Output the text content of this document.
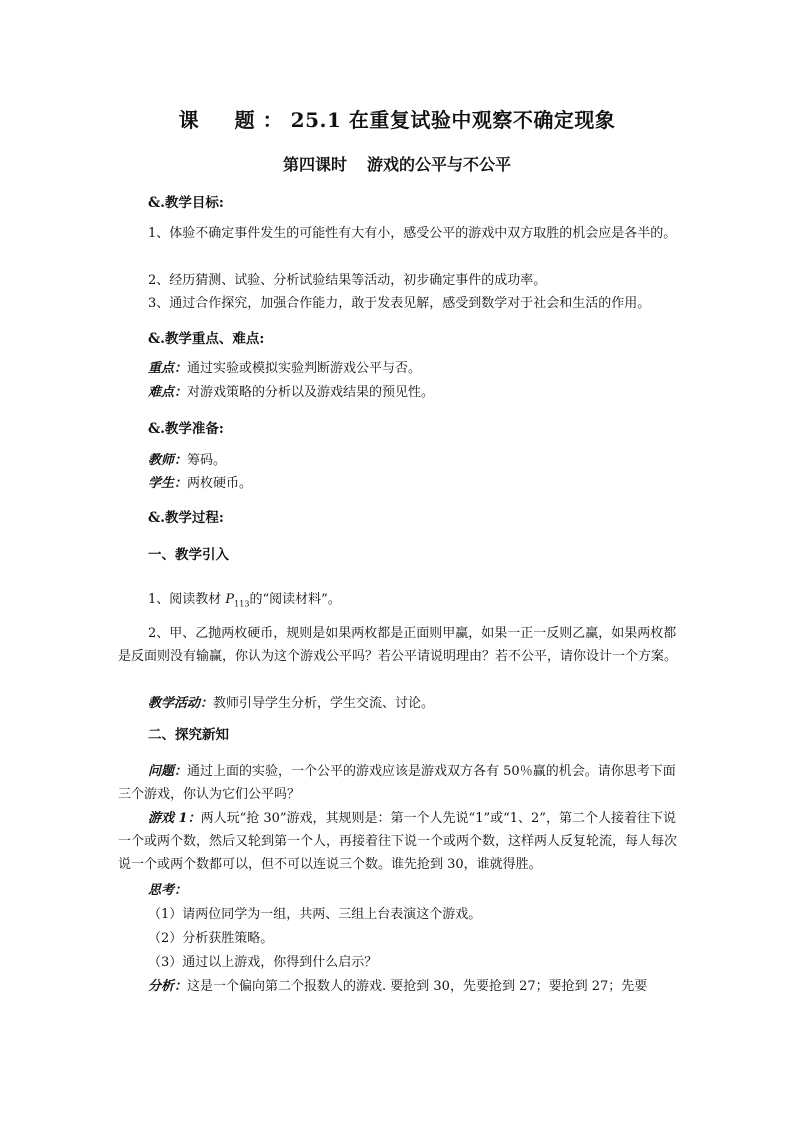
课　题：25.1 在重复试验中观察不确定现象
第四课时 游戏的公平与不公平
&.教学目标:
1、体验不确定事件发生的可能性有大有小，感受公平的游戏中双方取胜的机会应是各半的。
2、经历猜测、试验、分析试验结果等活动，初步确定事件的成功率。
3、通过合作探究，加强合作能力，敢于发表见解，感受到数学对于社会和生活的作用。
&.教学重点、难点:
重点：通过实验或模拟实验判断游戏公平与否。
难点：对游戏策略的分析以及游戏结果的预见性。
&.教学准备:
教师：筹码。
学生：两枚硬币。
&.教学过程:
一、教学引入
1、阅读教材 $P_{113}$的“阅读材料”。
2、甲、乙抛两枚硬币，规则是如果两枚都是正面则甲赢，如果一正一反则乙赢，如果两枚都是反面则没有输赢，你认为这个游戏公平吗？若公平请说明理由？若不公平，请你设计一个方案。
教学活动：教师引导学生分析，学生交流、讨论。
二、探究新知
问题：通过上面的实验，一个公平的游戏应该是游戏双方各有 50％赢的机会。请你思考下面三个游戏，你认为它们公平吗？
游戏 1：两人玩“抢 30”游戏，其规则是：第一个人先说“1”或“1、2”，第二个人接着往下说一个或两个数，然后又轮到第一个人，再接着往下说一个或两个数，这样两人反复轮流，每人每次说一个或两个数都可以，但不可以连说三个数。谁先抢到 30，谁就得胜。
思考：
（1）请两位同学为一组，共两、三组上台表演这个游戏。
（2）分析获胜策略。
（3）通过以上游戏，你得到什么启示？
分析：这是一个偏向第二个报数人的游戏. 要抢到 30，先要抢到 27；要抢到 27；先要
